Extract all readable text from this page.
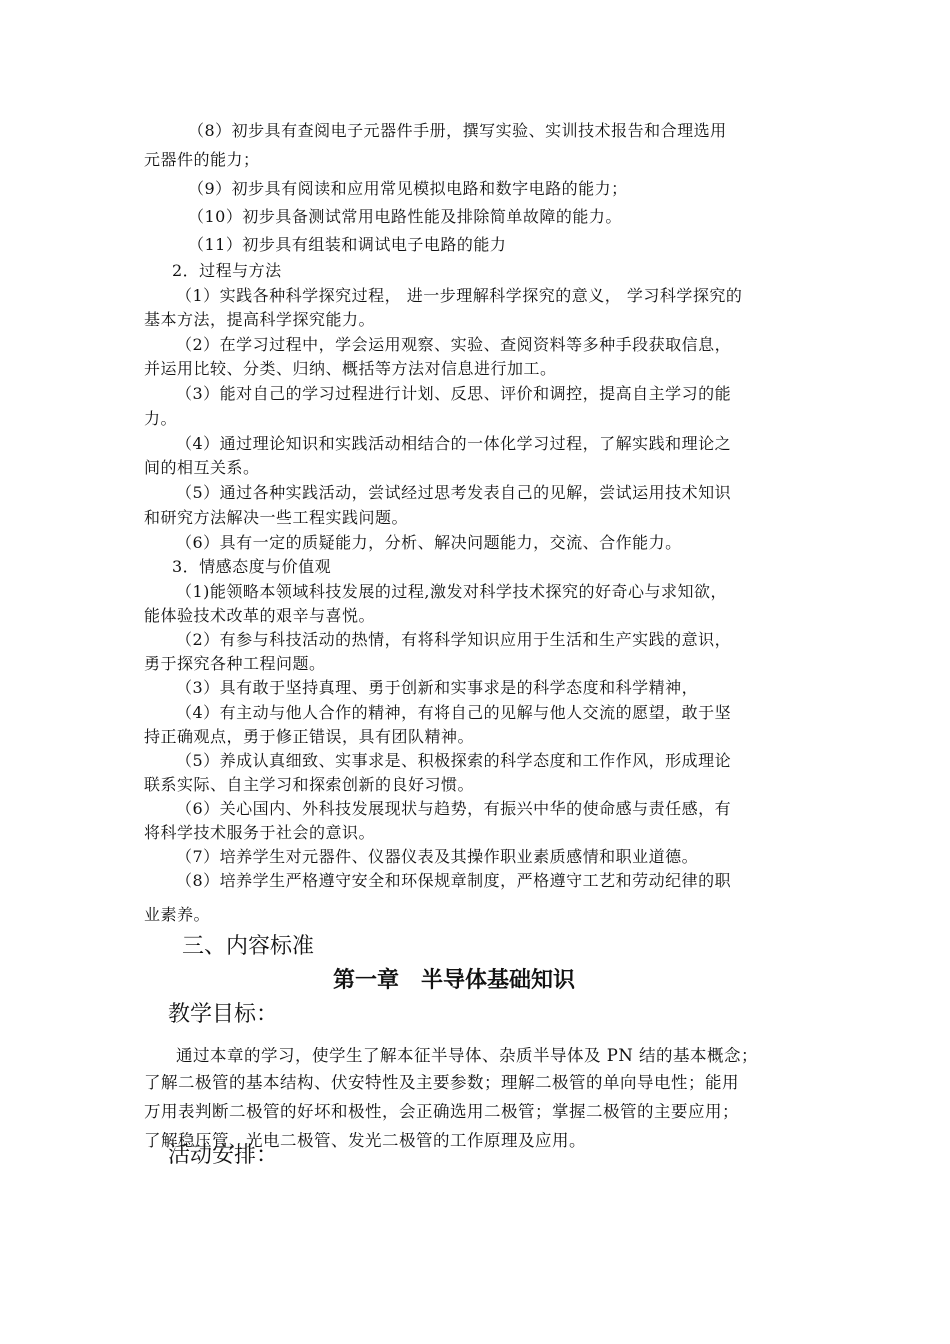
（8）初步具有查阅电子元器件手册，撰写实验、实训技术报告和合理选用
元器件的能力；
（9）初步具有阅读和应用常见模拟电路和数字电路的能力；
（10）初步具备测试常用电路性能及排除简单故障的能力。
（11）初步具有组装和调试电子电路的能力
2．过程与方法
（1）实践各种科学探究过程， 进一步理解科学探究的意义， 学习科学探究的
基本方法，提高科学探究能力。
（2）在学习过程中，学会运用观察、实验、查阅资料等多种手段获取信息，
并运用比较、分类、归纳、概括等方法对信息进行加工。
（3）能对自己的学习过程进行计划、反思、评价和调控，提高自主学习的能
力。
（4）通过理论知识和实践活动相结合的一体化学习过程，了解实践和理论之
间的相互关系。
（5）通过各种实践活动，尝试经过思考发表自己的见解，尝试运用技术知识
和研究方法解决一些工程实践问题。
（6）具有一定的质疑能力，分析、解决问题能力，交流、合作能力。
3．情感态度与价值观
（1)能领略本领域科技发展的过程,激发对科学技术探究的好奇心与求知欲，
能体验技术改革的艰辛与喜悦。
（2）有参与科技活动的热情，有将科学知识应用于生活和生产实践的意识，
勇于探究各种工程问题。
（3）具有敢于坚持真理、勇于创新和实事求是的科学态度和科学精神，
（4）有主动与他人合作的精神，有将自己的见解与他人交流的愿望，敢于坚
持正确观点，勇于修正错误，具有团队精神。
（5）养成认真细致、实事求是、积极探索的科学态度和工作作风，形成理论
联系实际、自主学习和探索创新的良好习惯。
（6）关心国内、外科技发展现状与趋势，有振兴中华的使命感与责任感，有
将科学技术服务于社会的意识。
（7）培养学生对元器件、仪器仪表及其操作职业素质感情和职业道德。
（8）培养学生严格遵守安全和环保规章制度，严格遵守工艺和劳动纪律的职
业素养。
三、内容标准
第一章　半导体基础知识
教学目标：
通过本章的学习，使学生了解本征半导体、杂质半导体及 PN 结的基本概念；
了解二极管的基本结构、伏安特性及主要参数；理解二极管的单向导电性；能用
万用表判断二极管的好坏和极性，会正确选用二极管；掌握二极管的主要应用；
了解稳压管、光电二极管、发光二极管的工作原理及应用。
活动安排：
